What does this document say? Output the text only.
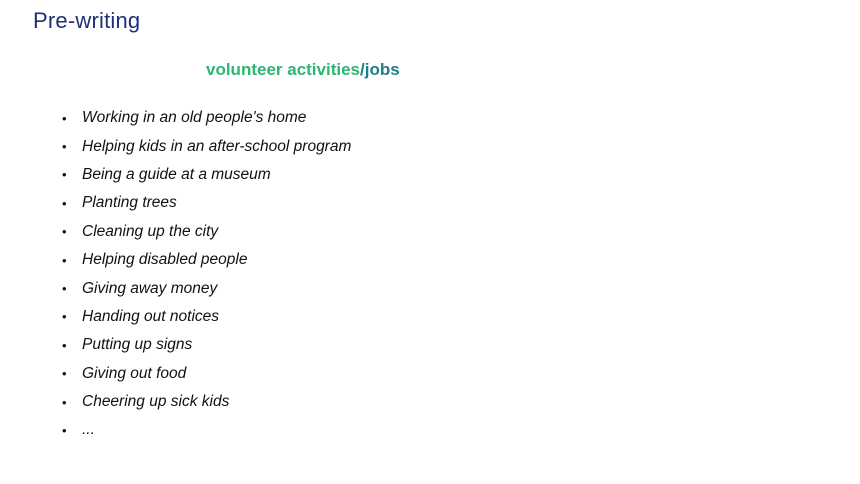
Pre-writing
volunteer activities/jobs
• Working in an old people's home
• Helping kids in an after-school program
• Being a guide at a museum
• Planting trees
• Cleaning up the city
• Helping disabled people
• Giving away money
• Handing out notices
• Putting up signs
• Giving out food
• Cheering up sick kids
• ...
